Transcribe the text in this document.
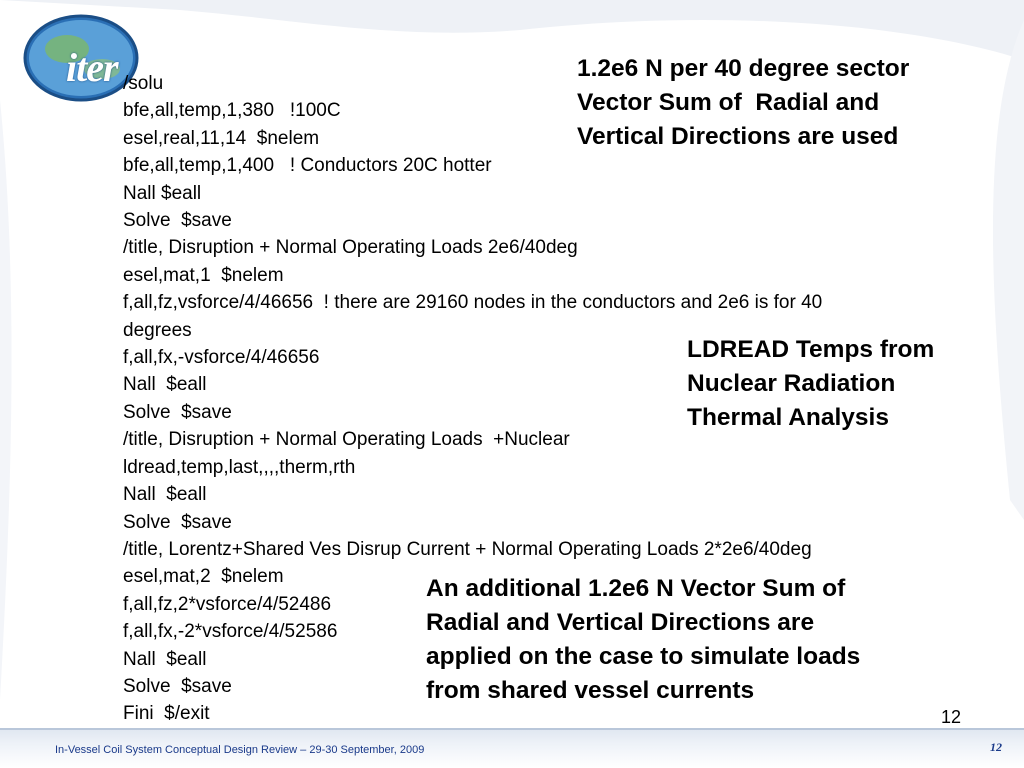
iter /solu
bfe,all,temp,1,380   !100C
esel,real,11,14  $nelem
bfe,all,temp,1,400   ! Conductors 20C hotter
Nall $eall
Solve  $save
/title, Disruption + Normal Operating Loads 2e6/40deg
esel,mat,1  $nelem
f,all,fz,vsforce/4/46656  ! there are 29160 nodes in the conductors and 2e6 is for 40
degrees
f,all,fx,-vsforce/4/46656
Nall  $eall
Solve  $save
/title, Disruption + Normal Operating Loads  +Nuclear
ldread,temp,last,,,,therm,rth
Nall  $eall
Solve  $save
/title, Lorentz+Shared Ves Disrup Current + Normal Operating Loads 2*2e6/40deg
esel,mat,2  $nelem
f,all,fz,2*vsforce/4/52486
f,all,fx,-2*vsforce/4/52586
Nall  $eall
Solve  $save
Fini  $/exit
1.2e6 N per 40 degree sector
Vector Sum of  Radial and
Vertical Directions are used
LDREAD Temps from
Nuclear Radiation
Thermal Analysis
An additional 1.2e6 N Vector Sum of
Radial and Vertical Directions are
applied on the case to simulate loads
from shared vessel currents
12
In-Vessel Coil System Conceptual Design Review – 29-30 September, 2009	12
